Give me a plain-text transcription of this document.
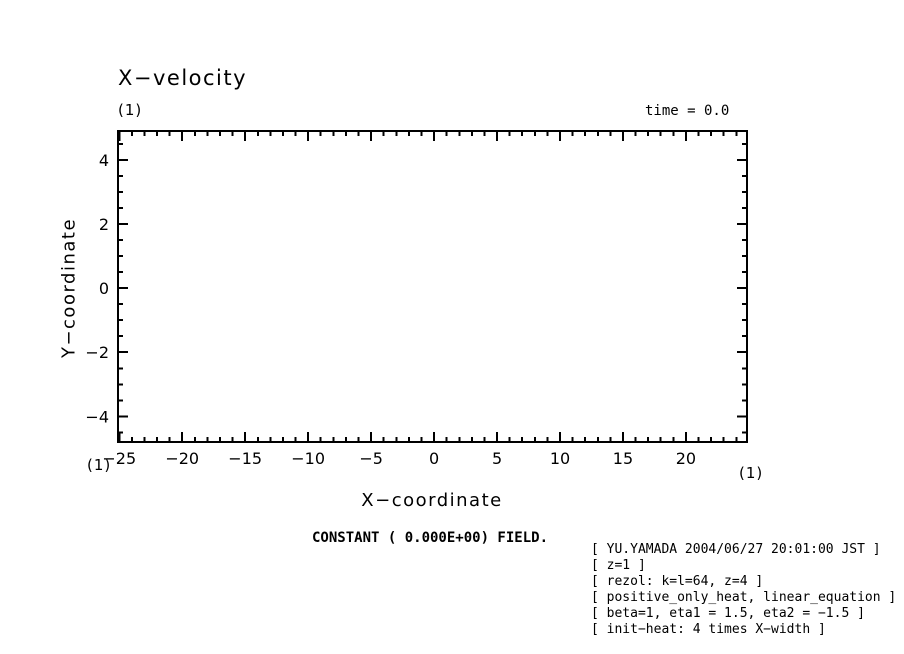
X−velocity
(1)	time = 0.0
−25 −20 −15 −10 −5	0	5	10	15	20
−4
−2
0
2
4
Y−coordinate
X−coordinate
(1)	(1)
CONSTANT ( 0.000E+00) FIELD.
[ YU.YAMADA 2004/06/27 20:01:00 JST ]
[ z=1 ]
[ rezol: k=l=64, z=4 ]
[ positive_only_heat, linear_equation ]
[ beta=1, eta1 = 1.5, eta2 = −1.5 ]
[ init−heat: 4 times X−width ]
